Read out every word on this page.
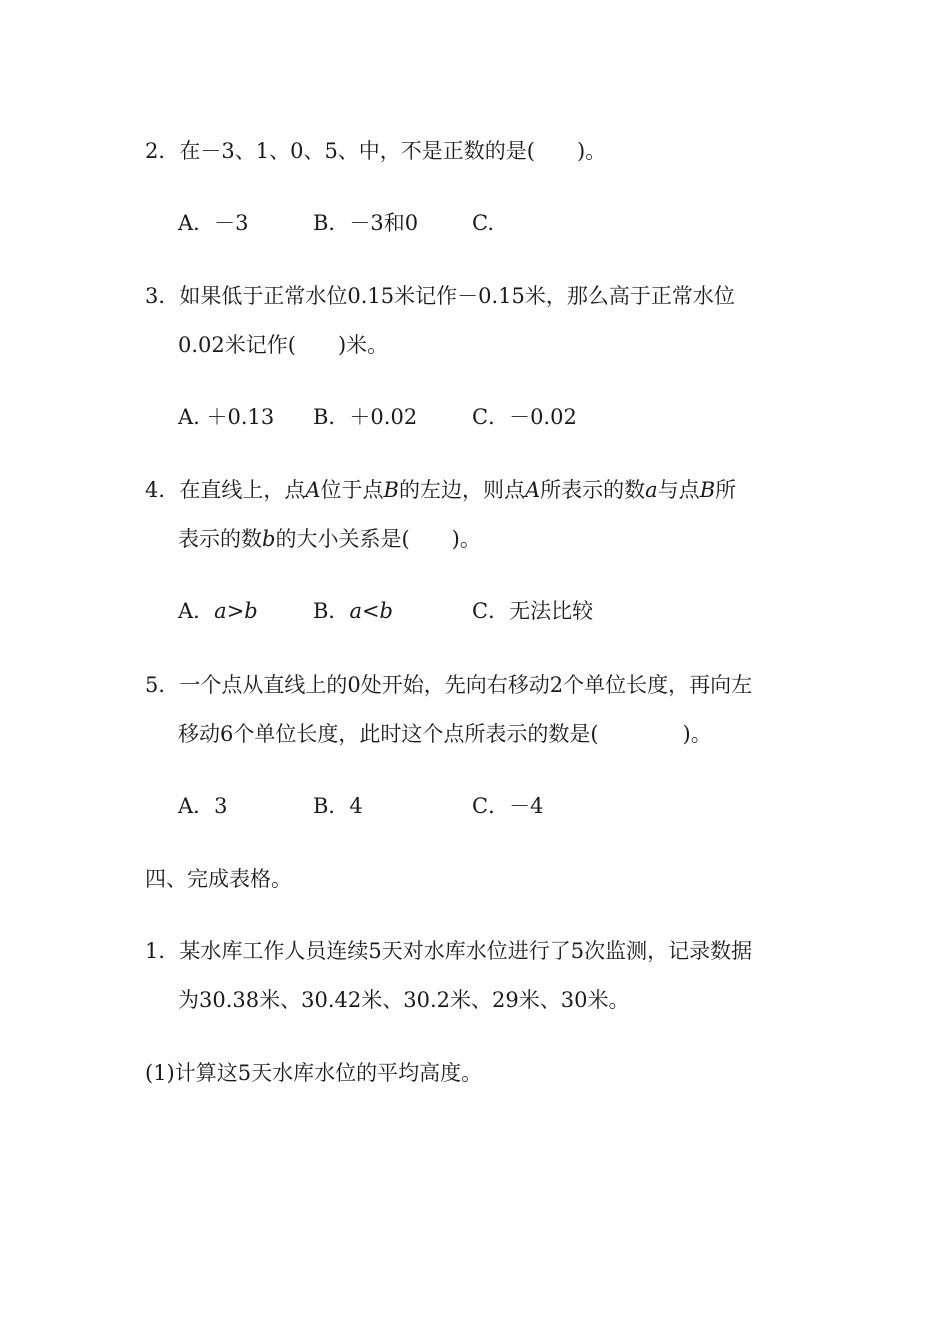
2．在－3、1、0、5、中，不是正数的是(　　)。
A．－3	B．－3和0	C.
3．如果低于正常水位0.15米记作－0.15米，那么高于正常水位
0.02米记作(　　)米。
A. ＋0.13 B．＋0.02	C．－0.02
4．在直线上，点A位于点B的左边，则点A所表示的数a与点B所
表示的数b的大小关系是(　　)。
A．a>b	B．a<b	C．无法比较
5．一个点从直线上的0处开始，先向右移动2个单位长度，再向左
移动6个单位长度，此时这个点所表示的数是(　　　　)。
A．3	B．4	C．－4
四、完成表格。
1．某水库工作人员连续5天对水库水位进行了5次监测，记录数据
为30.38米、30.42米、30.2米、29米、30米。
(1)计算这5天水库水位的平均高度。
